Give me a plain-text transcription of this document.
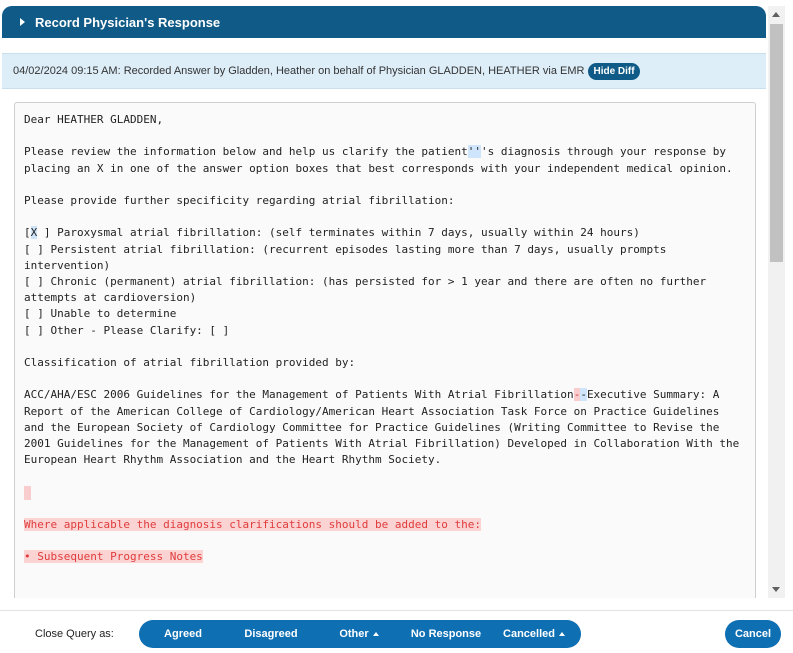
Record Physician's Response
04/02/2024 09:15 AM: Recorded Answer by Gladden, Heather on behalf of Physician GLADDEN, HEATHER via EMR Hide Diff

Dear HEATHER GLADDEN,

Please review the information below and help us clarify the patient'''s diagnosis through your response by placing an X in one of the answer option boxes that best corresponds with your independent medical opinion.

Please provide further specificity regarding atrial fibrillation:

[X ] Paroxysmal atrial fibrillation: (self terminates within 7 days, usually within 24 hours)

[ ] Persistent atrial fibrillation: (recurrent episodes lasting more than 7 days, usually prompts intervention)

[ ] Chronic (permanent) atrial fibrillation: (has persisted for > 1 year and there are often no further attempts at cardioversion)

[ ] Unable to determine

[ ] Other - Please Clarify: [ ]

Classification of atrial fibrillation provided by:

ACC/AHA/ESC 2006 Guidelines for the Management of Patients With Atrial Fibrillation--Executive Summary: A Report of the American College of Cardiology/American Heart Association Task Force on Practice Guidelines and the European Society of Cardiology Committee for Practice Guidelines (Writing Committee to Revise the 2001 Guidelines for the Management of Patients With Atrial Fibrillation) Developed in Collaboration With the European Heart Rhythm Association and the Heart Rhythm Society.

Where applicable the diagnosis clarifications should be added to the:

• Subsequent Progress Notes

Close Query as:	Agreed	Disagreed	Other	No Response	Cancelled	Cancel
